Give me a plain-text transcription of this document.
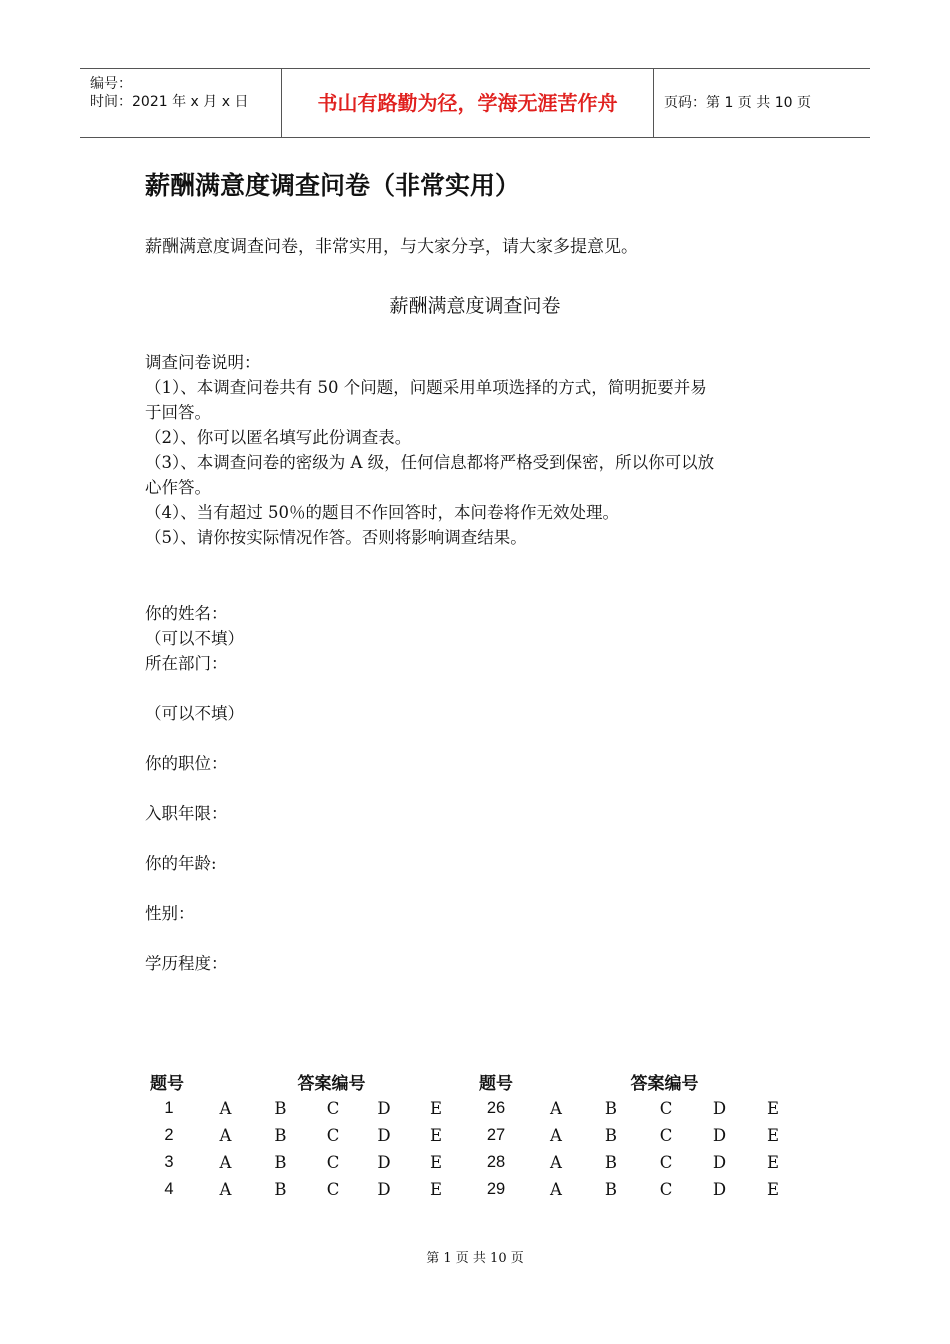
编号：
时间：2021 年 x 月 x 日	书山有路勤为径，学海无涯苦作舟	页码：第 1 页 共 10 页
薪酬满意度调查问卷（非常实用）
薪酬满意度调查问卷，非常实用，与大家分享，请大家多提意见。
薪酬满意度调查问卷
调查问卷说明：
（1）、本调查问卷共有 50 个问题，问题采用单项选择的方式，简明扼要并易
于回答。
（2）、你可以匿名填写此份调查表。
（3）、本调查问卷的密级为 A 级，任何信息都将严格受到保密，所以你可以放
心作答。
（4）、当有超过 50％的题目不作回答时，本问卷将作无效处理。
（5）、请你按实际情况作答。否则将影响调查结果。
你的姓名：
（可以不填）
所在部门：
（可以不填）
你的职位：
入职年限：
你的年龄:
性别：
学历程度：
题号		答案编号				题号		答案编号			
1	A	B	C	D	E	26	A	B	C	D	E
2	A	B	C	D	E	27	A	B	C	D	E
3	A	B	C	D	E	28	A	B	C	D	E
4	A	B	C	D	E	29	A	B	C	D	E
第 1 页 共 10 页
